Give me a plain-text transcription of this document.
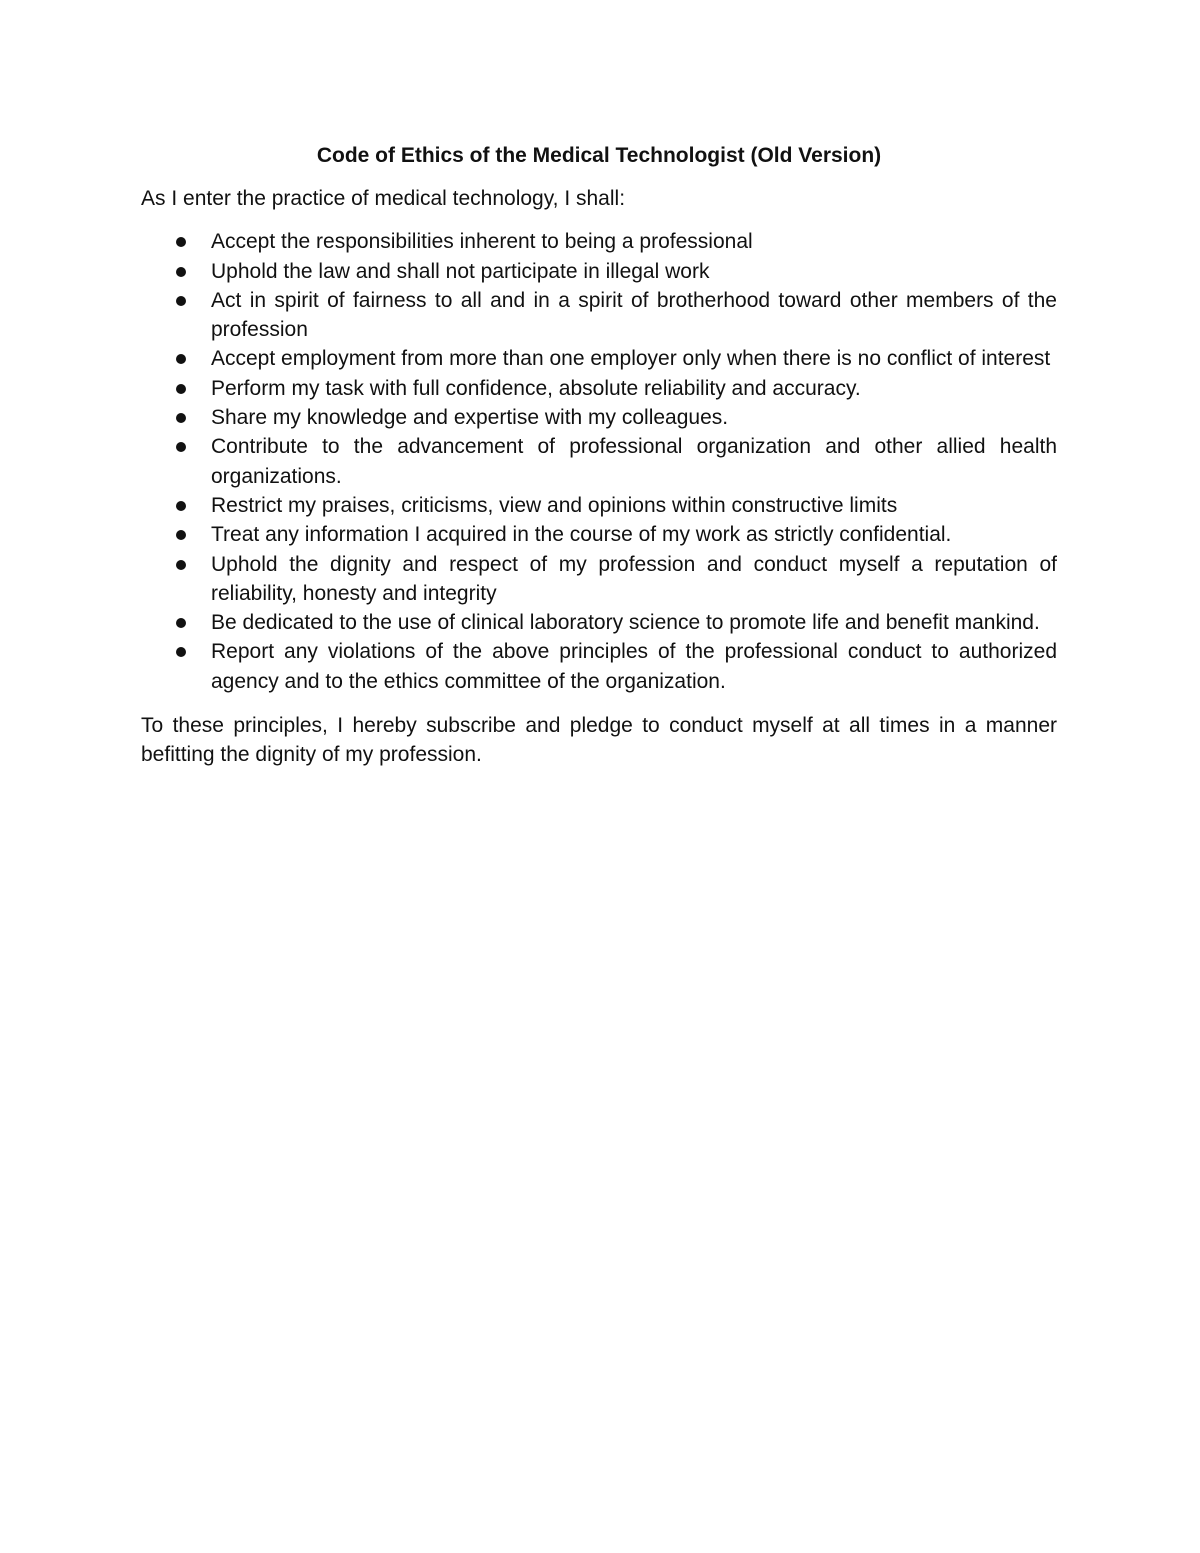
Code of Ethics of the Medical Technologist (Old Version)

As I enter the practice of medical technology, I shall:

Accept the responsibilities inherent to being a professional
Uphold the law and shall not participate in illegal work
Act in spirit of fairness to all and in a spirit of brotherhood toward other members of the profession
Accept employment from more than one employer only when there is no conflict of interest
Perform my task with full confidence, absolute reliability and accuracy.
Share my knowledge and expertise with my colleagues.
Contribute to the advancement of professional organization and other allied health organizations.
Restrict my praises, criticisms, view and opinions within constructive limits
Treat any information I acquired in the course of my work as strictly confidential.
Uphold the dignity and respect of my profession and conduct myself a reputation of reliability, honesty and integrity
Be dedicated to the use of clinical laboratory science to promote life and benefit mankind.
Report any violations of the above principles of the professional conduct to authorized agency and to the ethics committee of the organization.

To these principles, I hereby subscribe and pledge to conduct myself at all times in a manner befitting the dignity of my profession.
